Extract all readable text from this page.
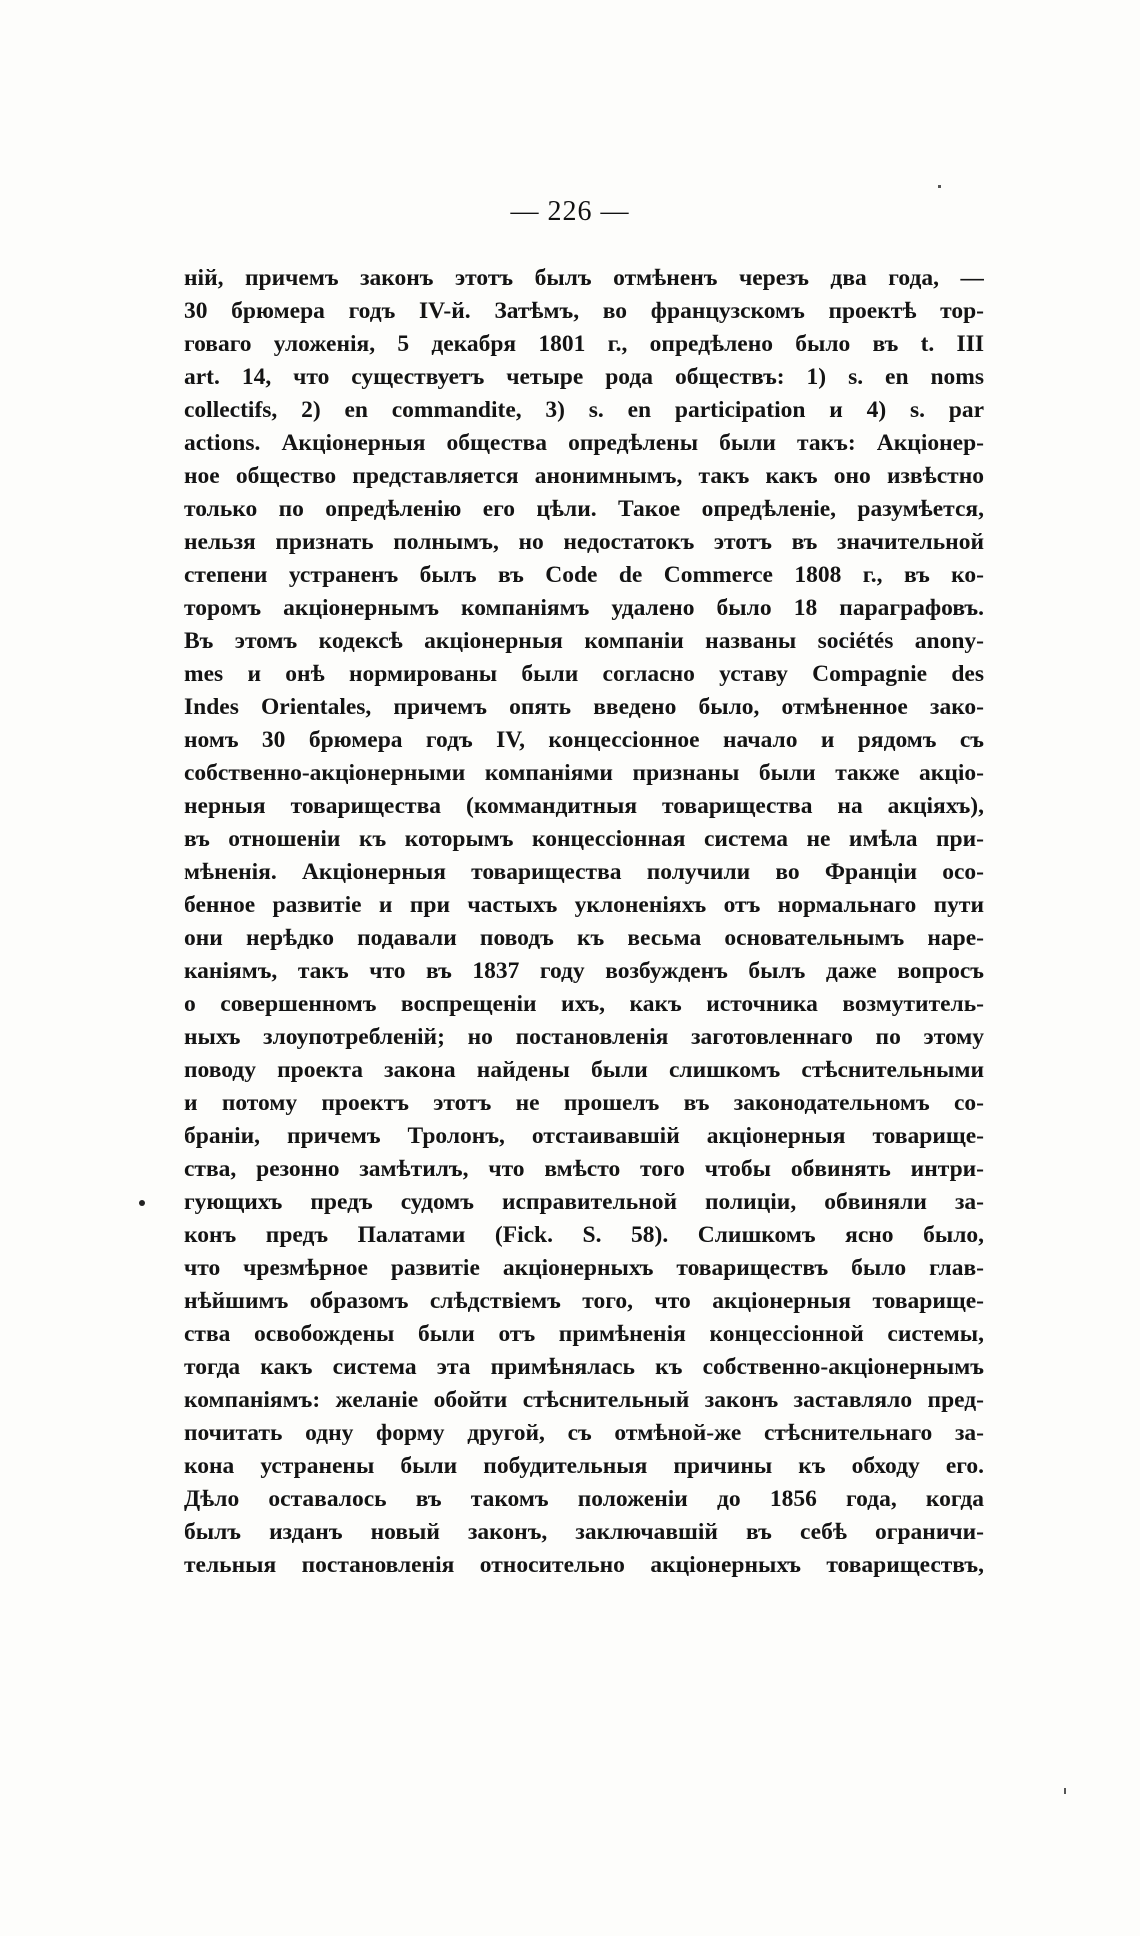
— 226 —
ній, причемъ законъ этотъ былъ отмѣненъ черезъ два года, —
30 брюмера годъ IV-й. Затѣмъ, во французскомъ проектѣ тор-
говаго уложенія, 5 декабря 1801 г., опредѣлено было въ t. III
art. 14, что существуетъ четыре рода обществъ: 1) s. en noms
collectifs, 2) en commandite, 3) s. en participation и 4) s. par
actions. Акціонерныя общества опредѣлены были такъ: Акціонер-
ное общество представляется анонимнымъ, такъ какъ оно извѣстно
только по опредѣленію его цѣли. Такое опредѣленіе, разумѣется,
нельзя признать полнымъ, но недостатокъ этотъ въ значительной
степени устраненъ былъ въ Code de Commerce 1808 г., въ ко-
торомъ акціонернымъ компаніямъ удалено было 18 параграфовъ.
Въ этомъ кодексѣ акціонерныя компаніи названы sociétés anony-
mes и онѣ нормированы были согласно уставу Compagnie des
Indes Orientales, причемъ опять введено было, отмѣненное зако-
номъ 30 брюмера годъ IV, концессіонное начало и рядомъ съ
собственно-акціонерными компаніями признаны были также акціо-
нерныя товарищества (коммандитныя товарищества на акціяхъ),
въ отношеніи къ которымъ концессіонная система не имѣла при-
мѣненія. Акціонерныя товарищества получили во Франціи осо-
бенное развитіе и при частыхъ уклоненіяхъ отъ нормальнаго пути
они нерѣдко подавали поводъ къ весьма основательнымъ нарe-
каніямъ, такъ что въ 1837 году возбужденъ былъ даже вопросъ
о совершенномъ воспрещеніи ихъ, какъ источника возмутитель-
ныхъ злоупотребленій; но постановленія заготовленнаго по этому
поводу проекта закона найдены были слишкомъ стѣснительными
и потому проектъ этотъ не прошелъ въ законодательномъ со-
браніи, причемъ Тролонъ, отстаивавшій акціонерныя товарище-
ства, резонно замѣтилъ, что вмѣсто того чтобы обвинять интри-
гующихъ предъ судомъ исправительной полиціи, обвиняли за-
конъ предъ Палатами (Fick. S. 58). Слишкомъ ясно было,
что чрезмѣрное развитіе акціонерныхъ товариществъ было глав-
нѣйшимъ образомъ слѣдствіемъ того, что акціонерныя товарище-
ства освобождены были отъ примѣненія концессіонной системы,
тогда какъ система эта примѣнялась къ собственно-акціонернымъ
компаніямъ: желаніе обойти стѣснительный законъ заставляло пред-
почитать одну форму другой, съ отмѣной-же стѣснительнаго за-
кона устранены были побудительныя причины къ обходу его.
Дѣло оставалось въ такомъ положеніи до 1856 года, когда
былъ изданъ новый законъ, заключавшій въ себѣ ограничи-
тельныя постановленія относительно акціонерныхъ товариществъ,
